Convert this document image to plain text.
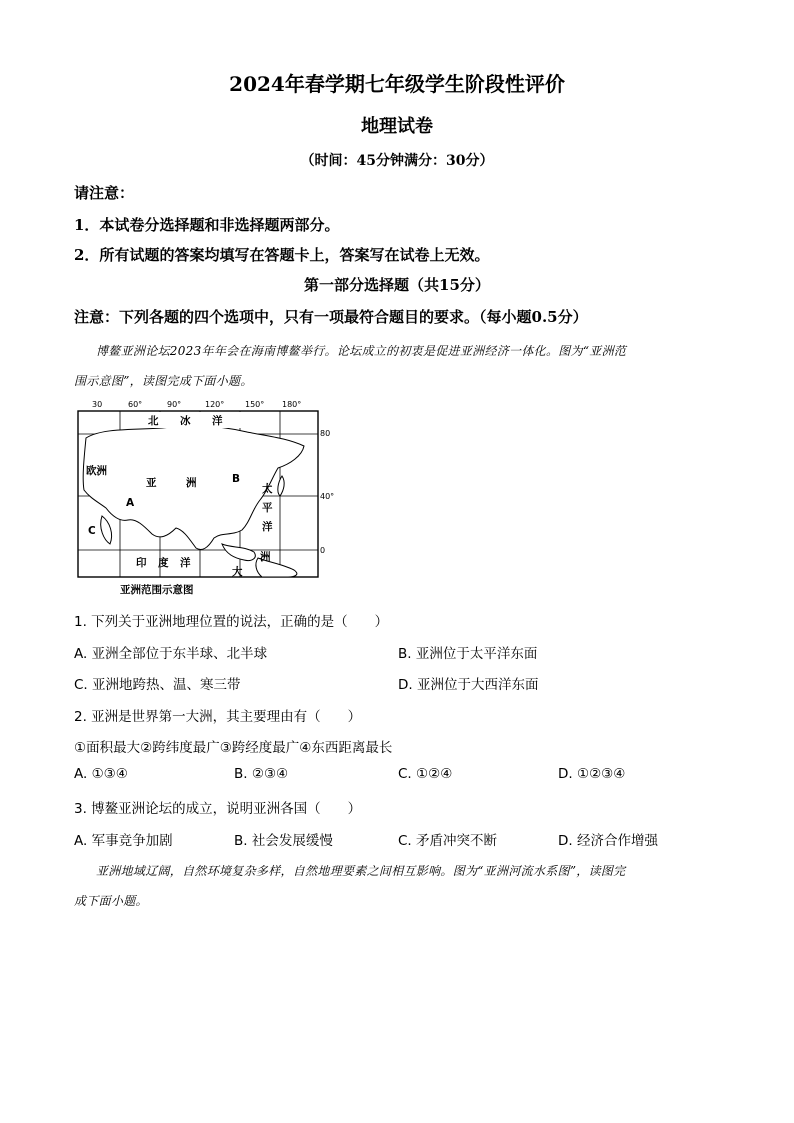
2024年春学期七年级学生阶段性评价
地理试卷
（时间：45分钟满分：30分）
请注意：
1．本试卷分选择题和非选择题两部分。
2．所有试题的答案均填写在答题卡上，答案写在试卷上无效。
第一部分选择题（共15分）
注意：下列各题的四个选项中，只有一项最符合题目的要求。（每小题0.5分）
博鳌亚洲论坛2023年年会在海南博鳌举行。论坛成立的初衷是促进亚洲经济一体化。图为“亚洲范
围示意图”，读图完成下面小题。
30	60°	90°	120°	150° 180°
80
40°
0
北 冰 洋
欧洲
亚	洲	太
平
洋
印 度 洋	洲
大
A
B
C
亚洲范围示意图
1. 下列关于亚洲地理位置的说法，正确的是（　　）
A. 亚洲全部位于东半球、北半球	B. 亚洲位于太平洋东面
C. 亚洲地跨热、温、寒三带	D. 亚洲位于大西洋东面
2. 亚洲是世界第一大洲，其主要理由有（　　）
①面积最大②跨纬度最广③跨经度最广④东西距离最长
A. ①③④	B. ②③④	C. ①②④	D. ①②③④
3. 博鳌亚洲论坛的成立，说明亚洲各国（　　）
A. 军事竞争加剧	B. 社会发展缓慢	C. 矛盾冲突不断	D. 经济合作增强
亚洲地域辽阔，自然环境复杂多样，自然地理要素之间相互影响。图为“亚洲河流水系图”，读图完
成下面小题。
